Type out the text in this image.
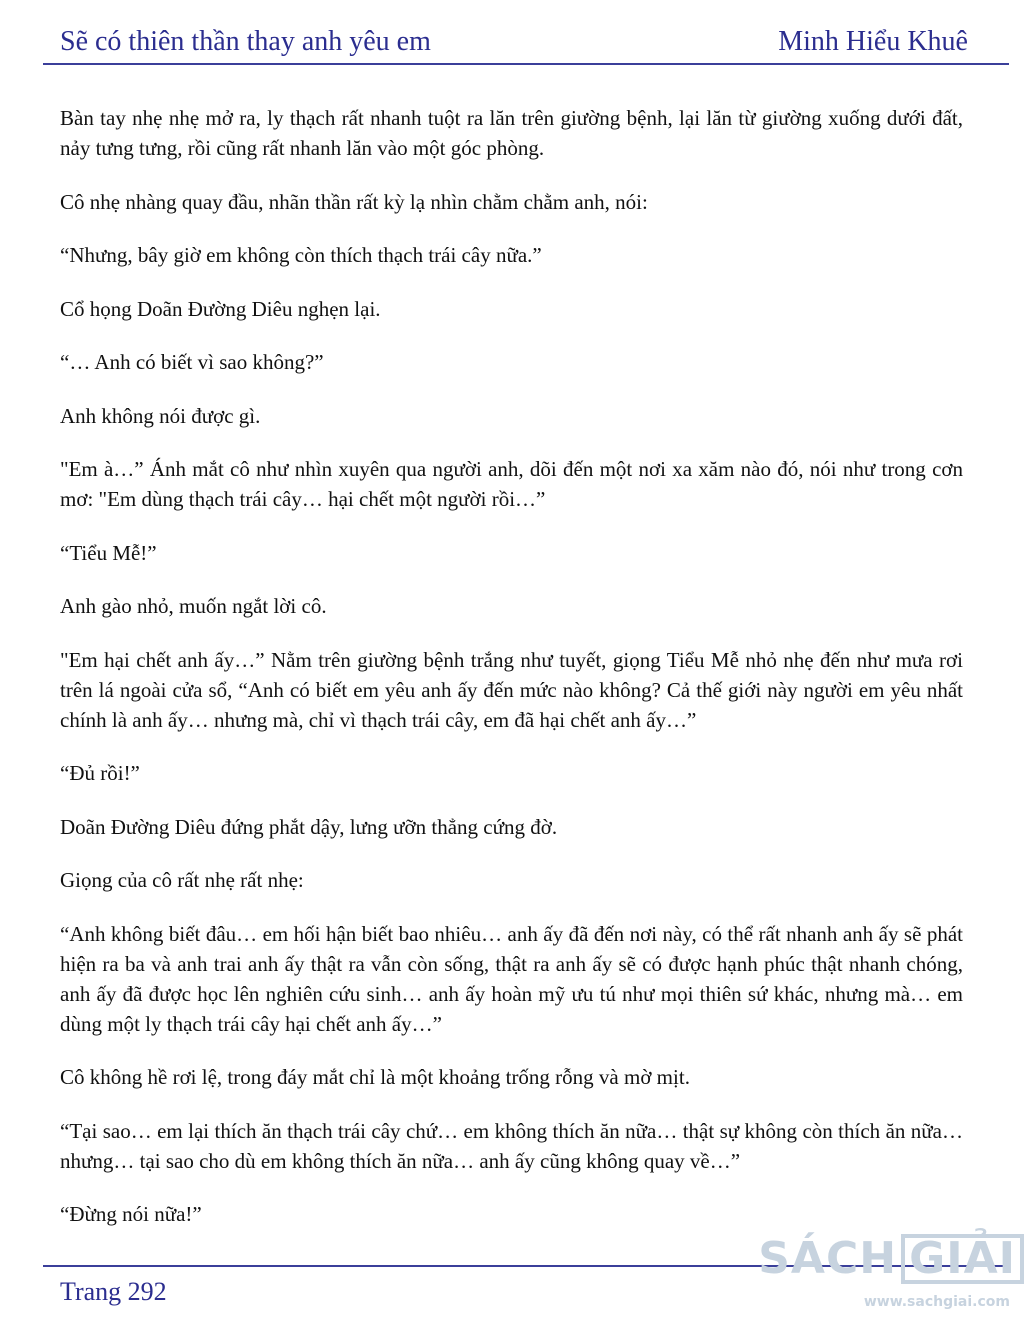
Sẽ có thiên thần thay anh yêu em	Minh Hiểu Khuê

Bàn tay nhẹ nhẹ mở ra, ly thạch rất nhanh tuột ra lăn trên giường bệnh, lại lăn từ giường xuống dưới đất, nảy tưng tưng, rồi cũng rất nhanh lăn vào một góc phòng.

Cô nhẹ nhàng quay đầu, nhãn thần rất kỳ lạ nhìn chằm chằm anh, nói:

“Nhưng, bây giờ em không còn thích thạch trái cây nữa.”

Cổ họng Doãn Đường Diêu nghẹn lại.

“… Anh có biết vì sao không?”

Anh không nói được gì.

"Em à…” Ánh mắt cô như nhìn xuyên qua người anh, dõi đến một nơi xa xăm nào đó, nói như trong cơn mơ: "Em dùng thạch trái cây… hại chết một người rồi…”

“Tiểu Mễ!”

Anh gào nhỏ, muốn ngắt lời cô.

"Em hại chết anh ấy…” Nằm trên giường bệnh trắng như tuyết, giọng Tiểu Mễ nhỏ nhẹ đến như mưa rơi trên lá ngoài cửa sổ, “Anh có biết em yêu anh ấy đến mức nào không? Cả thế giới này người em yêu nhất chính là anh ấy… nhưng mà, chỉ vì thạch trái cây, em đã hại chết anh ấy…”

“Đủ rồi!”

Doãn Đường Diêu đứng phắt dậy, lưng ưỡn thẳng cứng đờ.

Giọng của cô rất nhẹ rất nhẹ:

“Anh không biết đâu… em hối hận biết bao nhiêu… anh ấy đã đến nơi này, có thể rất nhanh anh ấy sẽ phát hiện ra ba và anh trai anh ấy thật ra vẫn còn sống, thật ra anh ấy sẽ có được hạnh phúc thật nhanh chóng, anh ấy đã được học lên nghiên cứu sinh… anh ấy hoàn mỹ ưu tú như mọi thiên sứ khác, nhưng mà… em dùng một ly thạch trái cây hại chết anh ấy…”

Cô không hề rơi lệ, trong đáy mắt chỉ là một khoảng trống rỗng và mờ mịt.

“Tại sao… em lại thích ăn thạch trái cây chứ… em không thích ăn nữa… thật sự không còn thích ăn nữa… nhưng… tại sao cho dù em không thích ăn nữa… anh ấy cũng không quay về…”

“Đừng nói nữa!”

Trang 292
SÁCH GIẢI
www.sachgiai.com
